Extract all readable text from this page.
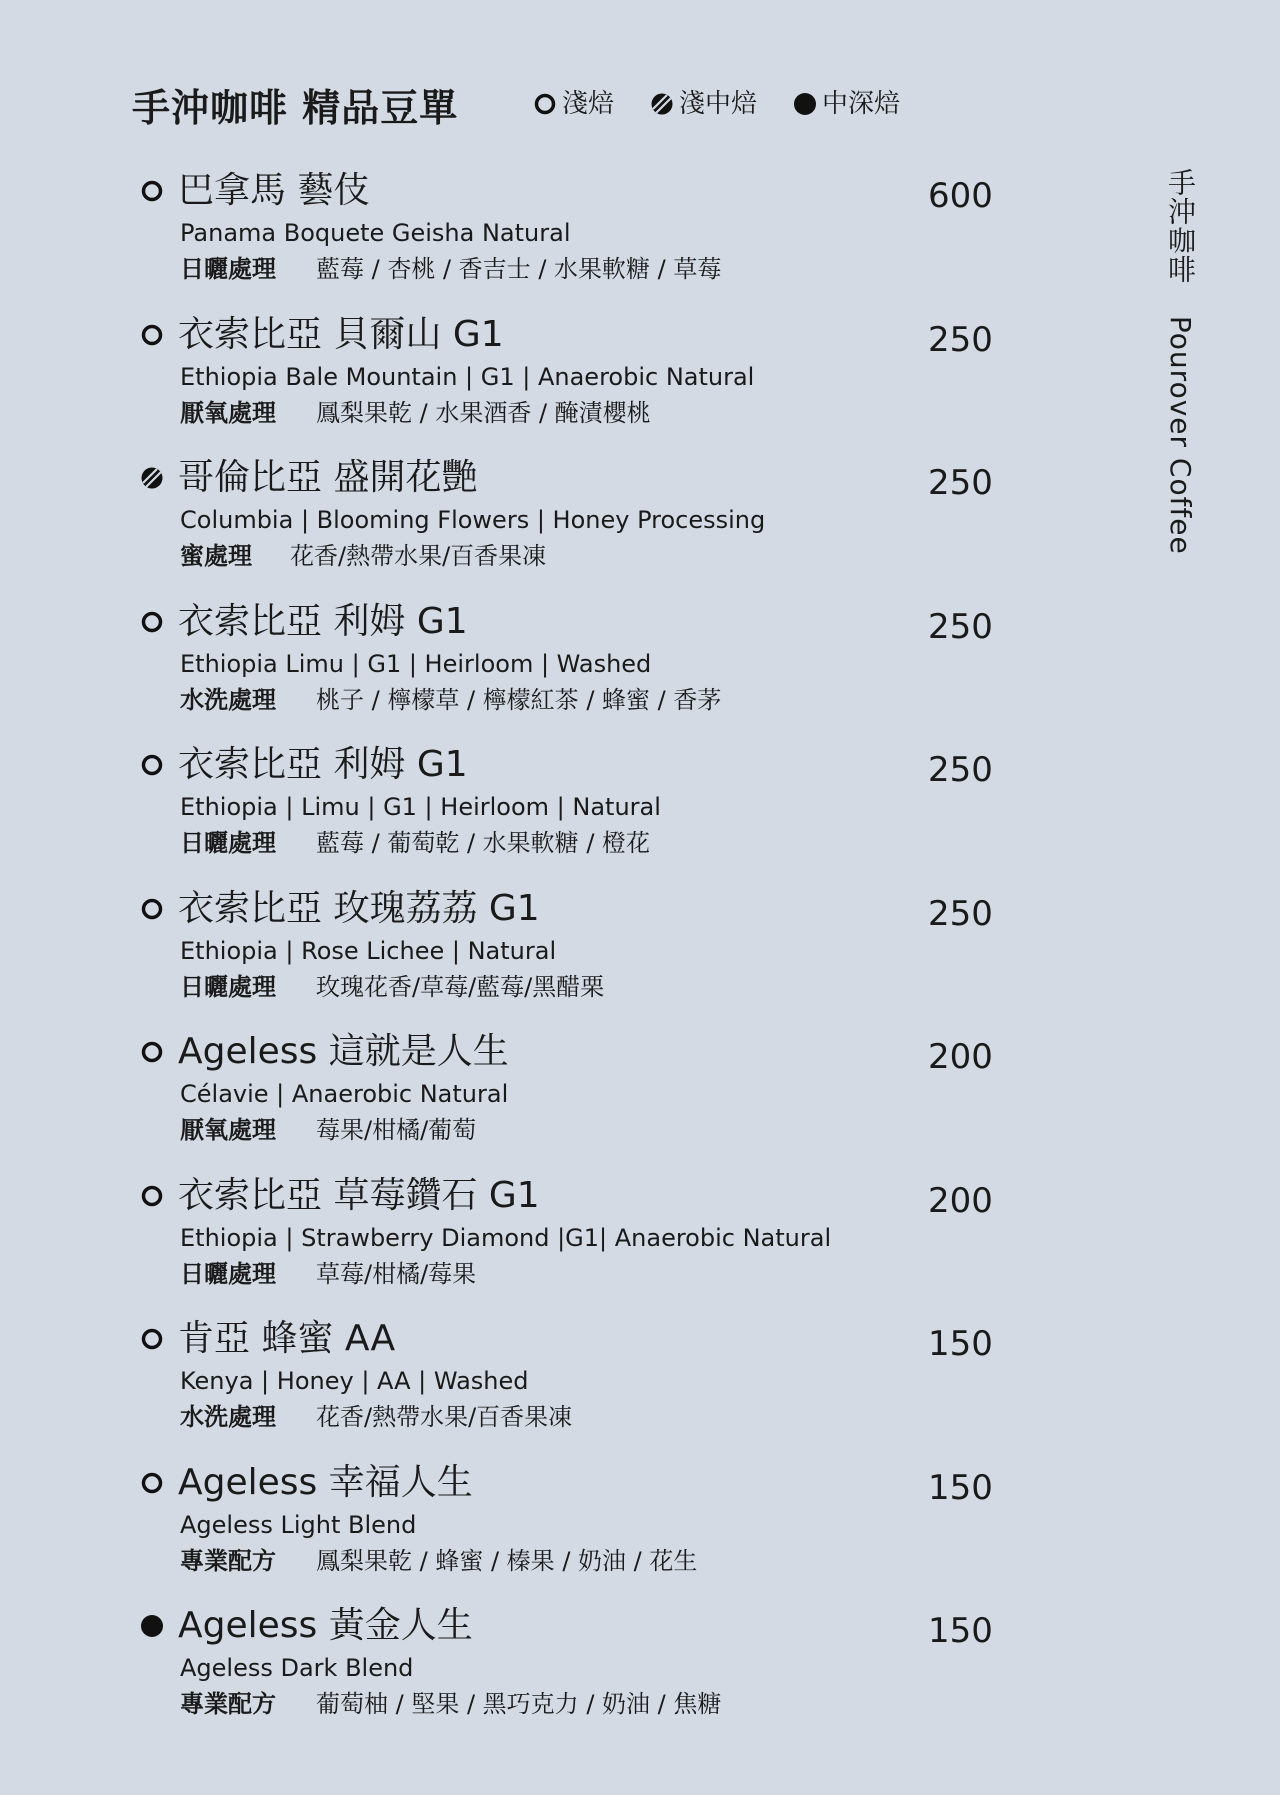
手沖咖啡 精品豆單	淺焙	淺中焙	中深焙
手沖咖啡 Pourover Coffee
巴拿馬 藝伎
Panama Boquete Geisha Natural
日曬處理	藍莓 / 杏桃 / 香吉士 / 水果軟糖 / 草莓
600
衣索比亞 貝爾山 G1
Ethiopia Bale Mountain | G1 | Anaerobic Natural
厭氧處理	鳳梨果乾 / 水果酒香 / 醃漬櫻桃
250
哥倫比亞 盛開花艷
Columbia | Blooming Flowers | Honey Processing
蜜處理	花香/熱帶水果/百香果凍
250
衣索比亞 利姆 G1
Ethiopia Limu | G1 | Heirloom | Washed
水洗處理	桃子 / 檸檬草 / 檸檬紅茶 / 蜂蜜 / 香茅
250
衣索比亞 利姆 G1
Ethiopia | Limu | G1 | Heirloom | Natural
日曬處理	藍莓 / 葡萄乾 / 水果軟糖 / 橙花
250
衣索比亞 玫瑰荔荔 G1
Ethiopia | Rose Lichee | Natural
日曬處理	玫瑰花香/草莓/藍莓/黑醋栗
250
Ageless 這就是人生
Célavie | Anaerobic Natural
厭氧處理	莓果/柑橘/葡萄
200
衣索比亞 草莓鑽石 G1
Ethiopia | Strawberry Diamond |G1| Anaerobic Natural
日曬處理	草莓/柑橘/莓果
200
肯亞 蜂蜜 AA
Kenya | Honey | AA | Washed
水洗處理	花香/熱帶水果/百香果凍
150
Ageless 幸福人生
Ageless Light Blend
專業配方	鳳梨果乾 / 蜂蜜 / 榛果 / 奶油 / 花生
150
Ageless 黃金人生
Ageless Dark Blend
專業配方	葡萄柚 / 堅果 / 黑巧克力 / 奶油 / 焦糖
150
